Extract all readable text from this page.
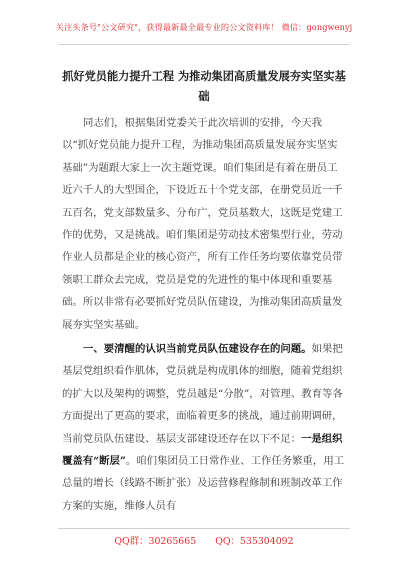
关注头条号"公文研究"，获得最新最全最专业的公文资料库！ 微信：gongwenyj
抓好党员能力提升工程 为推动集团高质量发展夯实坚实基础
同志们，根据集团党委关于此次培训的安排，今天我以“抓好党员能力提升工程，为推动集团高质量发展夯实坚实基础”为题跟大家上一次主题党课。咱们集团是有着在册员工近六千人的大型国企，下设近五十个党支部，在册党员近一千五百名，党支部数量多、分布广，党员基数大，这既是党建工作的优势，又是挑战。咱们集团是劳动技术密集型行业，劳动作业人员都是企业的核心资产，所有工作任务均要依靠党员带领职工群众去完成，党员是党的先进性的集中体现和重要基础。所以非常有必要抓好党员队伍建设，为推动集团高质量发展夯实坚实基础。
一、要清醒的认识当前党员队伍建设存在的问题。如果把基层党组织看作肌体，党员就是构成肌体的细胞，随着党组织的扩大以及架构的调整，党员越是“分散”，对管理、教育等各方面提出了更高的要求，面临着更多的挑战，通过前期调研，当前党员队伍建设、基层支部建设还存在以下不足：一是组织覆盖有“断层”。咱们集团员工日常作业、工作任务繁重，用工总量的增长（线路不断扩张）及运营修程修制和班制改革工作方案的实施，维修人员有
QQ群：30265665 QQ：535304092
